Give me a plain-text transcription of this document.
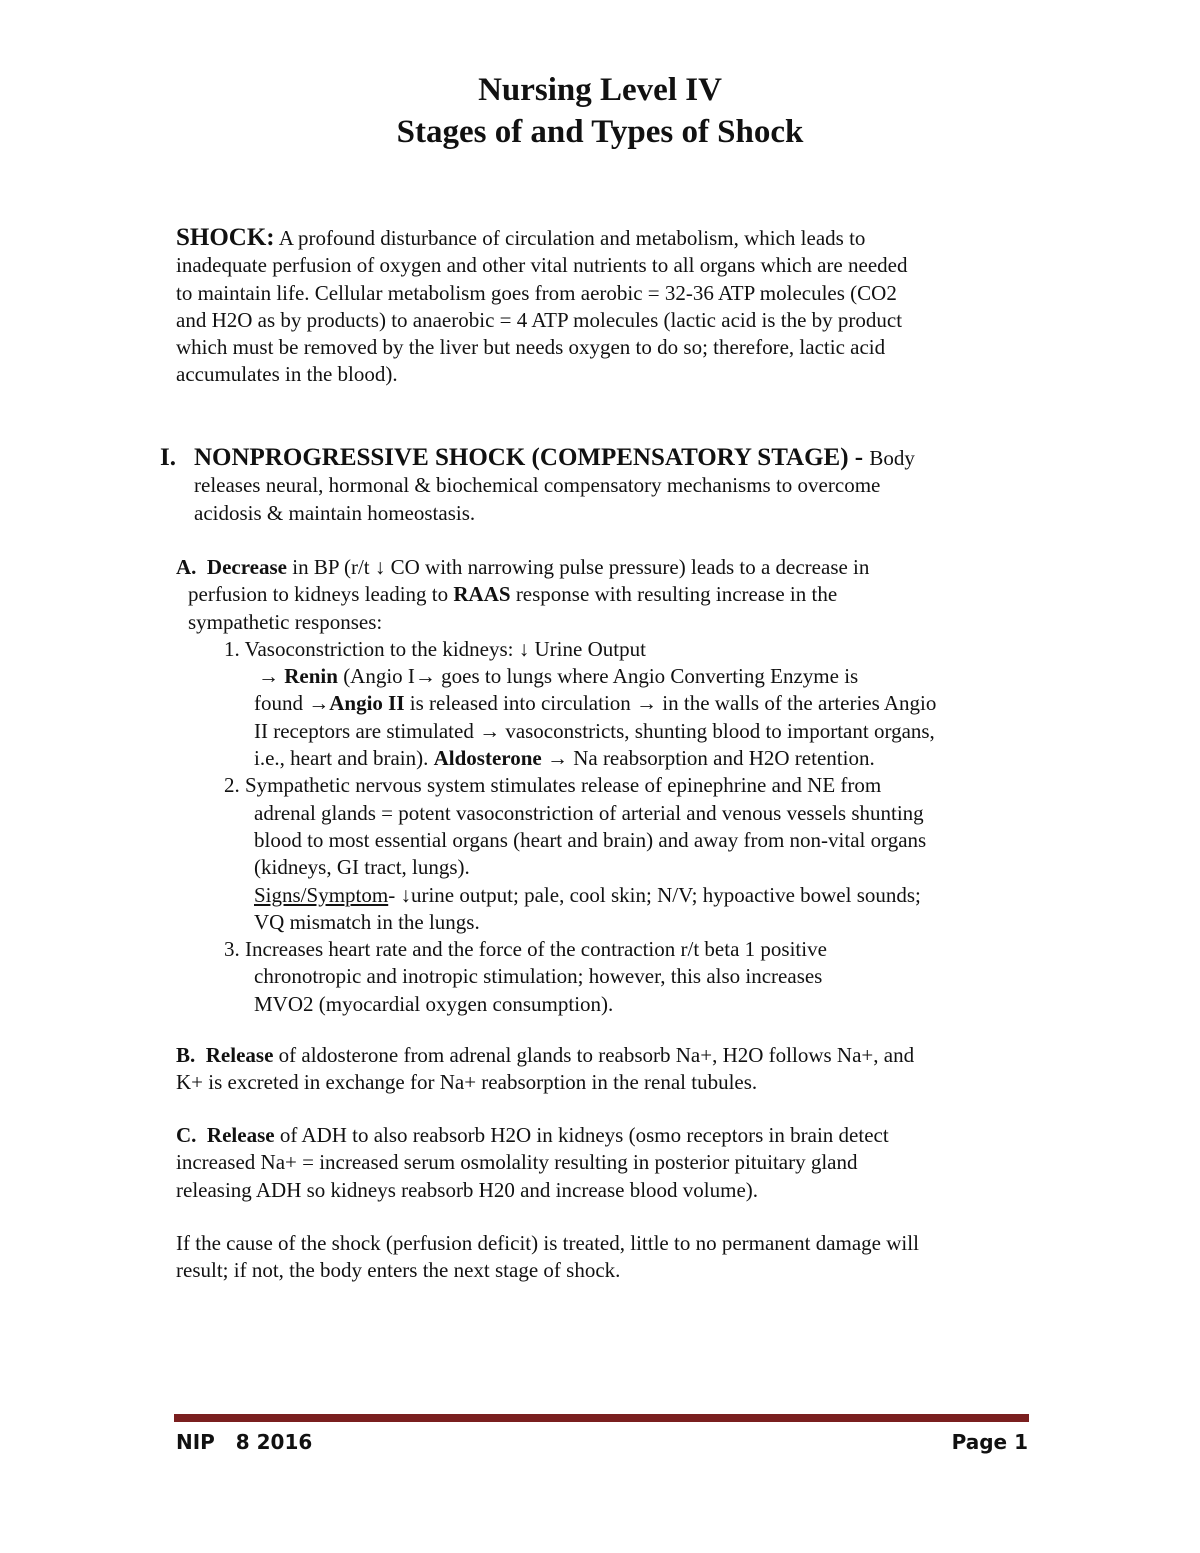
Nursing Level IV
Stages of and Types of Shock
SHOCK: A profound disturbance of circulation and metabolism, which leads to
inadequate perfusion of oxygen and other vital nutrients to all organs which are needed
to maintain life. Cellular metabolism goes from aerobic = 32-36 ATP molecules (CO2
and H2O as by products) to anaerobic = 4 ATP molecules (lactic acid is the by product
which must be removed by the liver but needs oxygen to do so; therefore, lactic acid
accumulates in the blood).
I. NONPROGRESSIVE SHOCK (COMPENSATORY STAGE) - Body
releases neural, hormonal & biochemical compensatory mechanisms to overcome
acidosis & maintain homeostasis.
A. Decrease in BP (r/t ↓ CO with narrowing pulse pressure) leads to a decrease in
perfusion to kidneys leading to RAAS response with resulting increase in the
sympathetic responses:
1. Vasoconstriction to the kidneys: ↓ Urine Output
→ Renin (Angio I→ goes to lungs where Angio Converting Enzyme is
found →Angio II is released into circulation → in the walls of the arteries Angio
II receptors are stimulated → vasoconstricts, shunting blood to important organs,
i.e., heart and brain). Aldosterone → Na reabsorption and H2O retention.
2. Sympathetic nervous system stimulates release of epinephrine and NE from
adrenal glands = potent vasoconstriction of arterial and venous vessels shunting
blood to most essential organs (heart and brain) and away from non-vital organs
(kidneys, GI tract, lungs).
Signs/Symptom- ↓urine output; pale, cool skin; N/V; hypoactive bowel sounds;
VQ mismatch in the lungs.
3. Increases heart rate and the force of the contraction r/t beta 1 positive
chronotropic and inotropic stimulation; however, this also increases
MVO2 (myocardial oxygen consumption).
B. Release of aldosterone from adrenal glands to reabsorb Na+, H2O follows Na+, and
K+ is excreted in exchange for Na+ reabsorption in the renal tubules.
C. Release of ADH to also reabsorb H2O in kidneys (osmo receptors in brain detect
increased Na+ = increased serum osmolality resulting in posterior pituitary gland
releasing ADH so kidneys reabsorb H20 and increase blood volume).
If the cause of the shock (perfusion deficit) is treated, little to no permanent damage will
result; if not, the body enters the next stage of shock.
NIP   8 2016	Page 1
